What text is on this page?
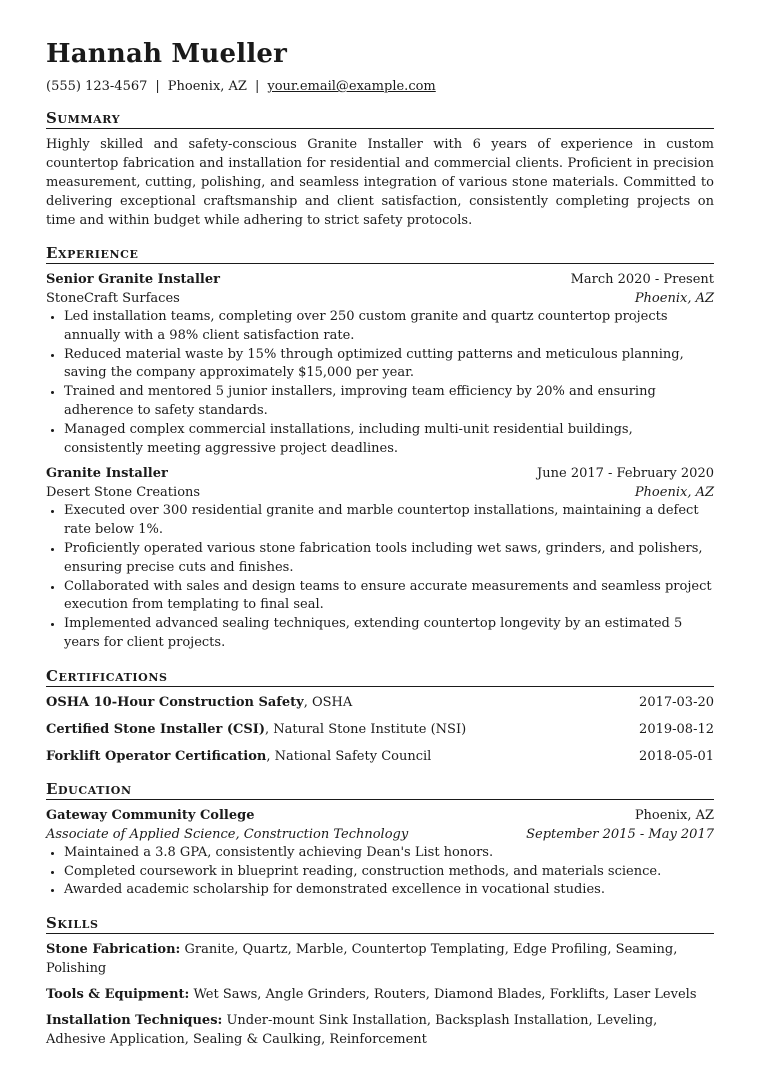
Hannah Mueller
(555) 123-4567 | Phoenix, AZ | your.email@example.com
Summary

Highly skilled and safety-conscious Granite Installer with 6 years of experience in custom countertop fabrication and installation for residential and commercial clients. Proficient in precision measurement, cutting, polishing, and seamless integration of various stone materials. Committed to delivering exceptional craftsmanship and client satisfaction, consistently completing projects on time and within budget while adhering to strict safety protocols.

Experience
Senior Granite Installer	March 2020 - Present
StoneCraft Surfaces	Phoenix, AZ
• Led installation teams, completing over 250 custom granite and quartz countertop projects annually with a 98% client satisfaction rate.
• Reduced material waste by 15% through optimized cutting patterns and meticulous planning, saving the company approximately $15,000 per year.
• Trained and mentored 5 junior installers, improving team efficiency by 20% and ensuring adherence to safety standards.
• Managed complex commercial installations, including multi-unit residential buildings, consistently meeting aggressive project deadlines.
Granite Installer	June 2017 - February 2020
Desert Stone Creations	Phoenix, AZ
• Executed over 300 residential granite and marble countertop installations, maintaining a defect rate below 1%.
• Proficiently operated various stone fabrication tools including wet saws, grinders, and polishers, ensuring precise cuts and finishes.
• Collaborated with sales and design teams to ensure accurate measurements and seamless project execution from templating to final seal.
• Implemented advanced sealing techniques, extending countertop longevity by an estimated 5 years for client projects.
Certifications
OSHA 10-Hour Construction Safety, OSHA	2017-03-20
Certified Stone Installer (CSI), Natural Stone Institute (NSI)	2019-08-12
Forklift Operator Certification, National Safety Council	2018-05-01
Education
Gateway Community College	Phoenix, AZ
Associate of Applied Science, Construction Technology	September 2015 - May 2017
• Maintained a 3.8 GPA, consistently achieving Dean's List honors.
• Completed coursework in blueprint reading, construction methods, and materials science.
• Awarded academic scholarship for demonstrated excellence in vocational studies.
Skills
Stone Fabrication: Granite, Quartz, Marble, Countertop Templating, Edge Profiling, Seaming, Polishing
Tools & Equipment: Wet Saws, Angle Grinders, Routers, Diamond Blades, Forklifts, Laser Levels
Installation Techniques: Under-mount Sink Installation, Backsplash Installation, Leveling, Adhesive Application, Sealing & Caulking, Reinforcement
